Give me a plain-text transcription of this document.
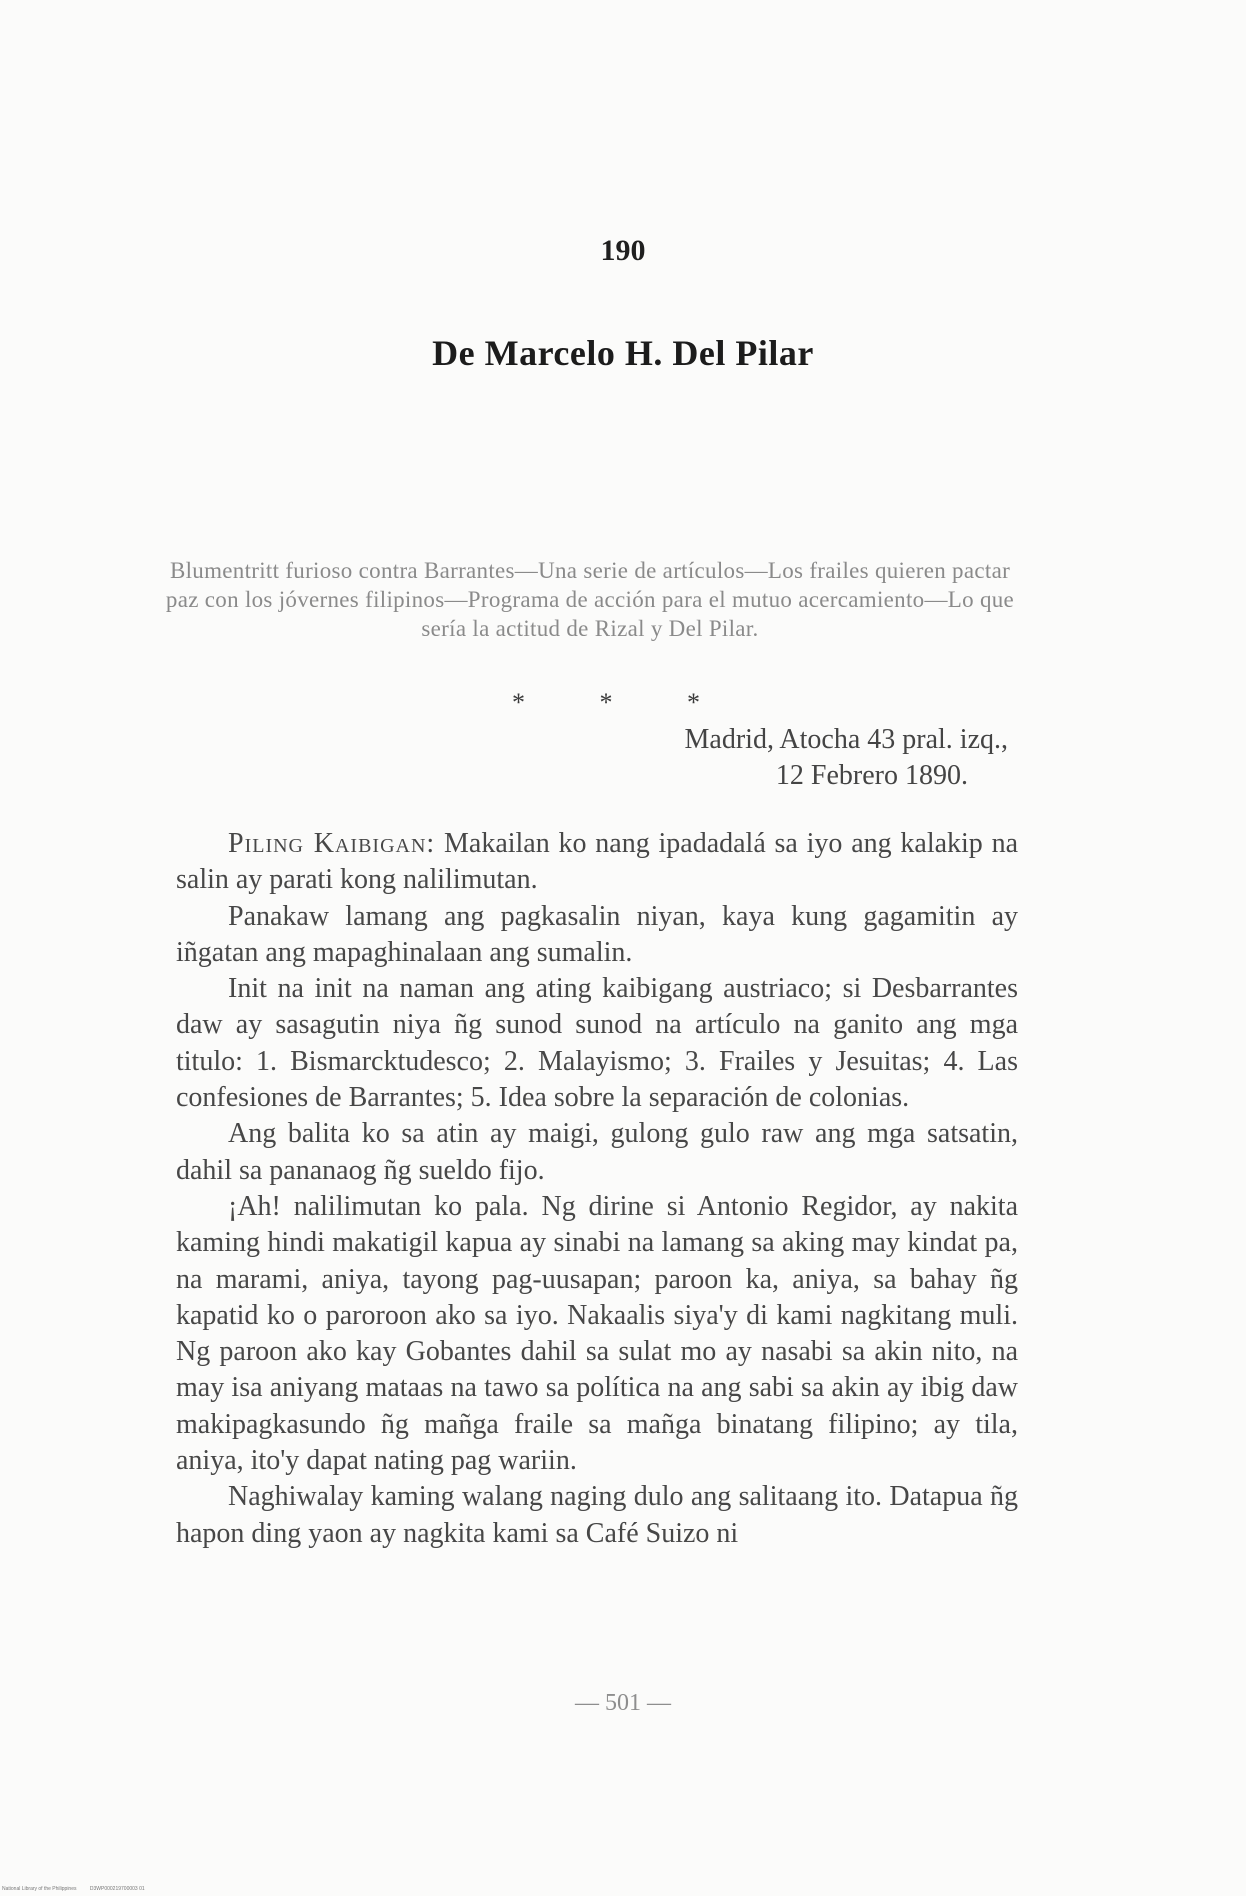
190
De Marcelo H. Del Pilar
Blumentritt furioso contra Barrantes—Una serie de artículos—Los frailes quieren pactar paz con los jóvernes filipinos—Programa de acción para el mutuo acercamiento—Lo que sería la actitud de Rizal y Del Pilar.
* * *
Madrid, Atocha 43 pral. izq.,
12 Febrero 1890.

Piling Kaibigan: Makailan ko nang ipadadalá sa iyo ang kalakip na salin ay parati kong nalilimutan.

Panakaw lamang ang pagkasalin niyan, kaya kung gagamitin ay iñgatan ang mapaghinalaan ang sumalin.

Init na init na naman ang ating kaibigang austriaco; si Desbarrantes daw ay sasagutin niya ñg sunod sunod na artículo na ganito ang mga titulo: 1. Bismarcktudesco; 2. Malayismo; 3. Frailes y Jesuitas; 4. Las confesiones de Barrantes; 5. Idea sobre la separación de colonias.

Ang balita ko sa atin ay maigi, gulong gulo raw ang mga satsatin, dahil sa pananaog ñg sueldo fijo.

¡Ah! nalilimutan ko pala. Ng dirine si Antonio Regidor, ay nakita kaming hindi makatigil kapua ay sinabi na lamang sa aking may kindat pa, na marami, aniya, tayong pag-uusapan; paroon ka, aniya, sa bahay ñg kapatid ko o paroroon ako sa iyo. Nakaalis siya'y di kami nagkitang muli. Ng paroon ako kay Gobantes dahil sa sulat mo ay nasabi sa akin nito, na may isa aniyang mataas na tawo sa política na ang sabi sa akin ay ibig daw makipagkasundo ñg mañga fraile sa mañga binatang filipino; ay tila, aniya, ito'y dapat nating pag wariin.

Naghiwalay kaming walang naging dulo ang salitaang ito. Datapua ñg hapon ding yaon ay nagkita kami sa Café Suizo ni

— 501 —
National Library of the Philippines	D3WP000219700003 01
